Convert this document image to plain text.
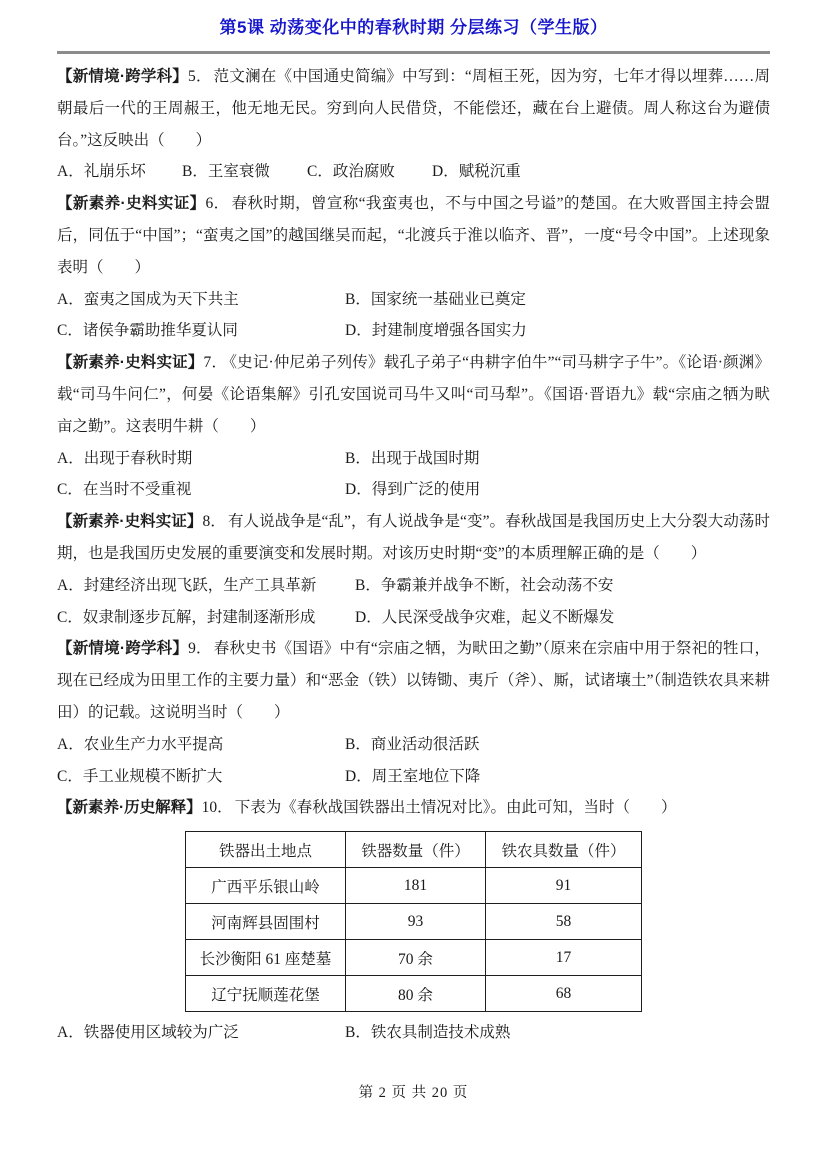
第5课 动荡变化中的春秋时期 分层练习（学生版）

【新情境·跨学科】5． 范文澜在《中国通史简编》中写到：“周桓王死，因为穷，七年才得以埋葬……周朝最后一代的王周赧王，他无地无民。穷到向人民借贷，不能偿还，藏在台上避债。周人称这台为避债台。”这反映出（　　）

A．礼崩乐坏 B．王室衰微 C．政治腐败 D．赋税沉重

【新素养·史料实证】6． 春秋时期，曾宣称“我蛮夷也，不与中国之号谥”的楚国。在大败晋国主持会盟后，同伍于“中国”；“蛮夷之国”的越国继吴而起，“北渡兵于淮以临齐、晋”，一度“号令中国”。上述现象表明（　　）

A．蛮夷之国成为天下共主	B．国家统一基础业已奠定
C．诸侯争霸助推华夏认同	D．封建制度增强各国实力

【新素养·史料实证】7． 《史记·仲尼弟子列传》载孔子弟子“冉耕字伯牛”“司马耕字子牛”。《论语·颜渊》载“司马牛问仁”，何晏《论语集解》引孔安国说司马牛又叫“司马犁”。《国语·晋语九》载“宗庙之牺为畎亩之勤”。这表明牛耕（　　）

A．出现于春秋时期	B．出现于战国时期
C．在当时不受重视	D．得到广泛的使用

【新素养·史料实证】8． 有人说战争是“乱”，有人说战争是“变”。春秋战国是我国历史上大分裂大动荡时期，也是我国历史发展的重要演变和发展时期。对该历史时期“变”的本质理解正确的是（　　）

A．封建经济出现飞跃，生产工具革新	B．争霸兼并战争不断，社会动荡不安
C．奴隶制逐步瓦解，封建制逐渐形成	D．人民深受战争灾难，起义不断爆发

【新情境·跨学科】9． 春秋史书《国语》中有“宗庙之牺，为畎田之勤”（原来在宗庙中用于祭祀的牲口，现在已经成为田里工作的主要力量）和“恶金（铁）以铸锄、夷斤（斧）、厮，试诸壤土”（制造铁农具来耕田）的记载。这说明当时（　　）

A．农业生产力水平提高	B．商业活动很活跃
C．手工业规模不断扩大	D．周王室地位下降

【新素养·历史解释】10． 下表为《春秋战国铁器出土情况对比》。由此可知，当时（　　）

铁器出土地点	铁器数量（件）	铁农具数量（件）
广西平乐银山岭	181	91
河南辉县固围村	93	58
长沙衡阳 61 座楚墓	70 余	17
辽宁抚顺莲花堡	80 余	68
A．铁器使用区域较为广泛	B．铁农具制造技术成熟
第 2 页 共 20 页
